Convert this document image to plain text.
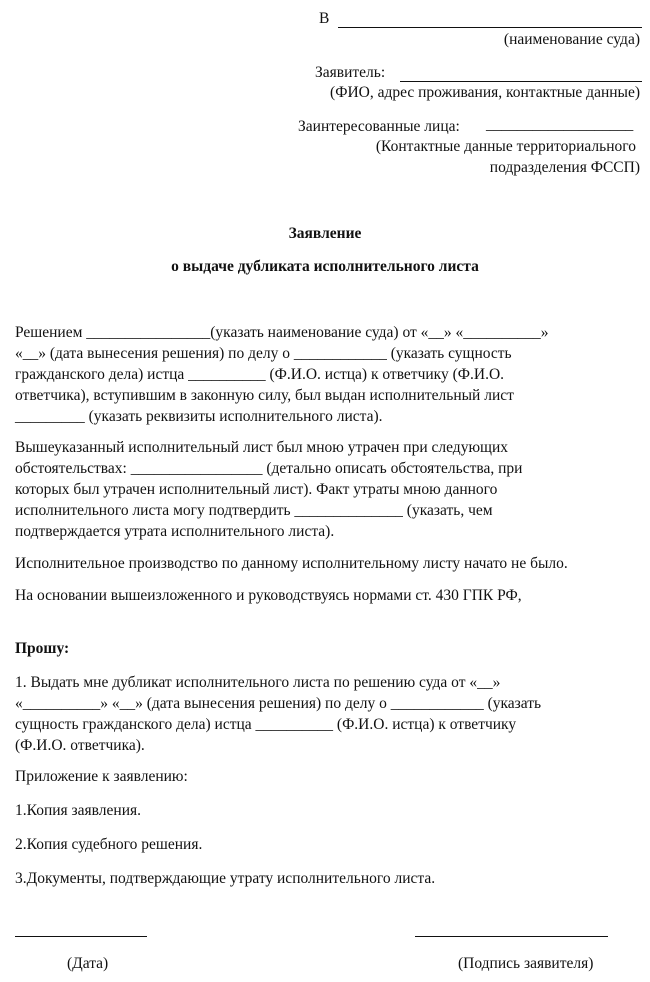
В
(наименование суда)
Заявитель:
(ФИО, адрес проживания, контактные данные)
Заинтересованные лица: ___________________
(Контактные данные территориального
подразделения ФССП)
Заявление
о выдаче дубликата исполнительного листа
Решением ________________(указать наименование суда) от «__» «__________»
«__» (дата вынесения решения) по делу о ____________ (указать сущность
гражданского дела) истца __________ (Ф.И.О. истца) к ответчику (Ф.И.О.
ответчика), вступившим в законную силу, был выдан исполнительный лист
_________ (указать реквизиты исполнительного листа).
Вышеуказанный исполнительный лист был мною утрачен при следующих
обстоятельствах: _________________ (детально описать обстоятельства, при
которых был утрачен исполнительный лист). Факт утраты мною данного
исполнительного листа могу подтвердить ______________ (указать, чем
подтверждается утрата исполнительного листа).
Исполнительное производство по данному исполнительному листу начато не было.
На основании вышеизложенного и руководствуясь нормами ст. 430 ГПК РФ,
Прошу:
1. Выдать мне дубликат исполнительного листа по решению суда от «__»
«__________» «__» (дата вынесения решения) по делу о ____________ (указать
сущность гражданского дела) истца __________ (Ф.И.О. истца) к ответчику
(Ф.И.О. ответчика).
Приложение к заявлению:
1.Копия заявления.
2.Копия судебного решения.
3.Документы, подтверждающие утрату исполнительного листа.
(Дата)	(Подпись заявителя)
